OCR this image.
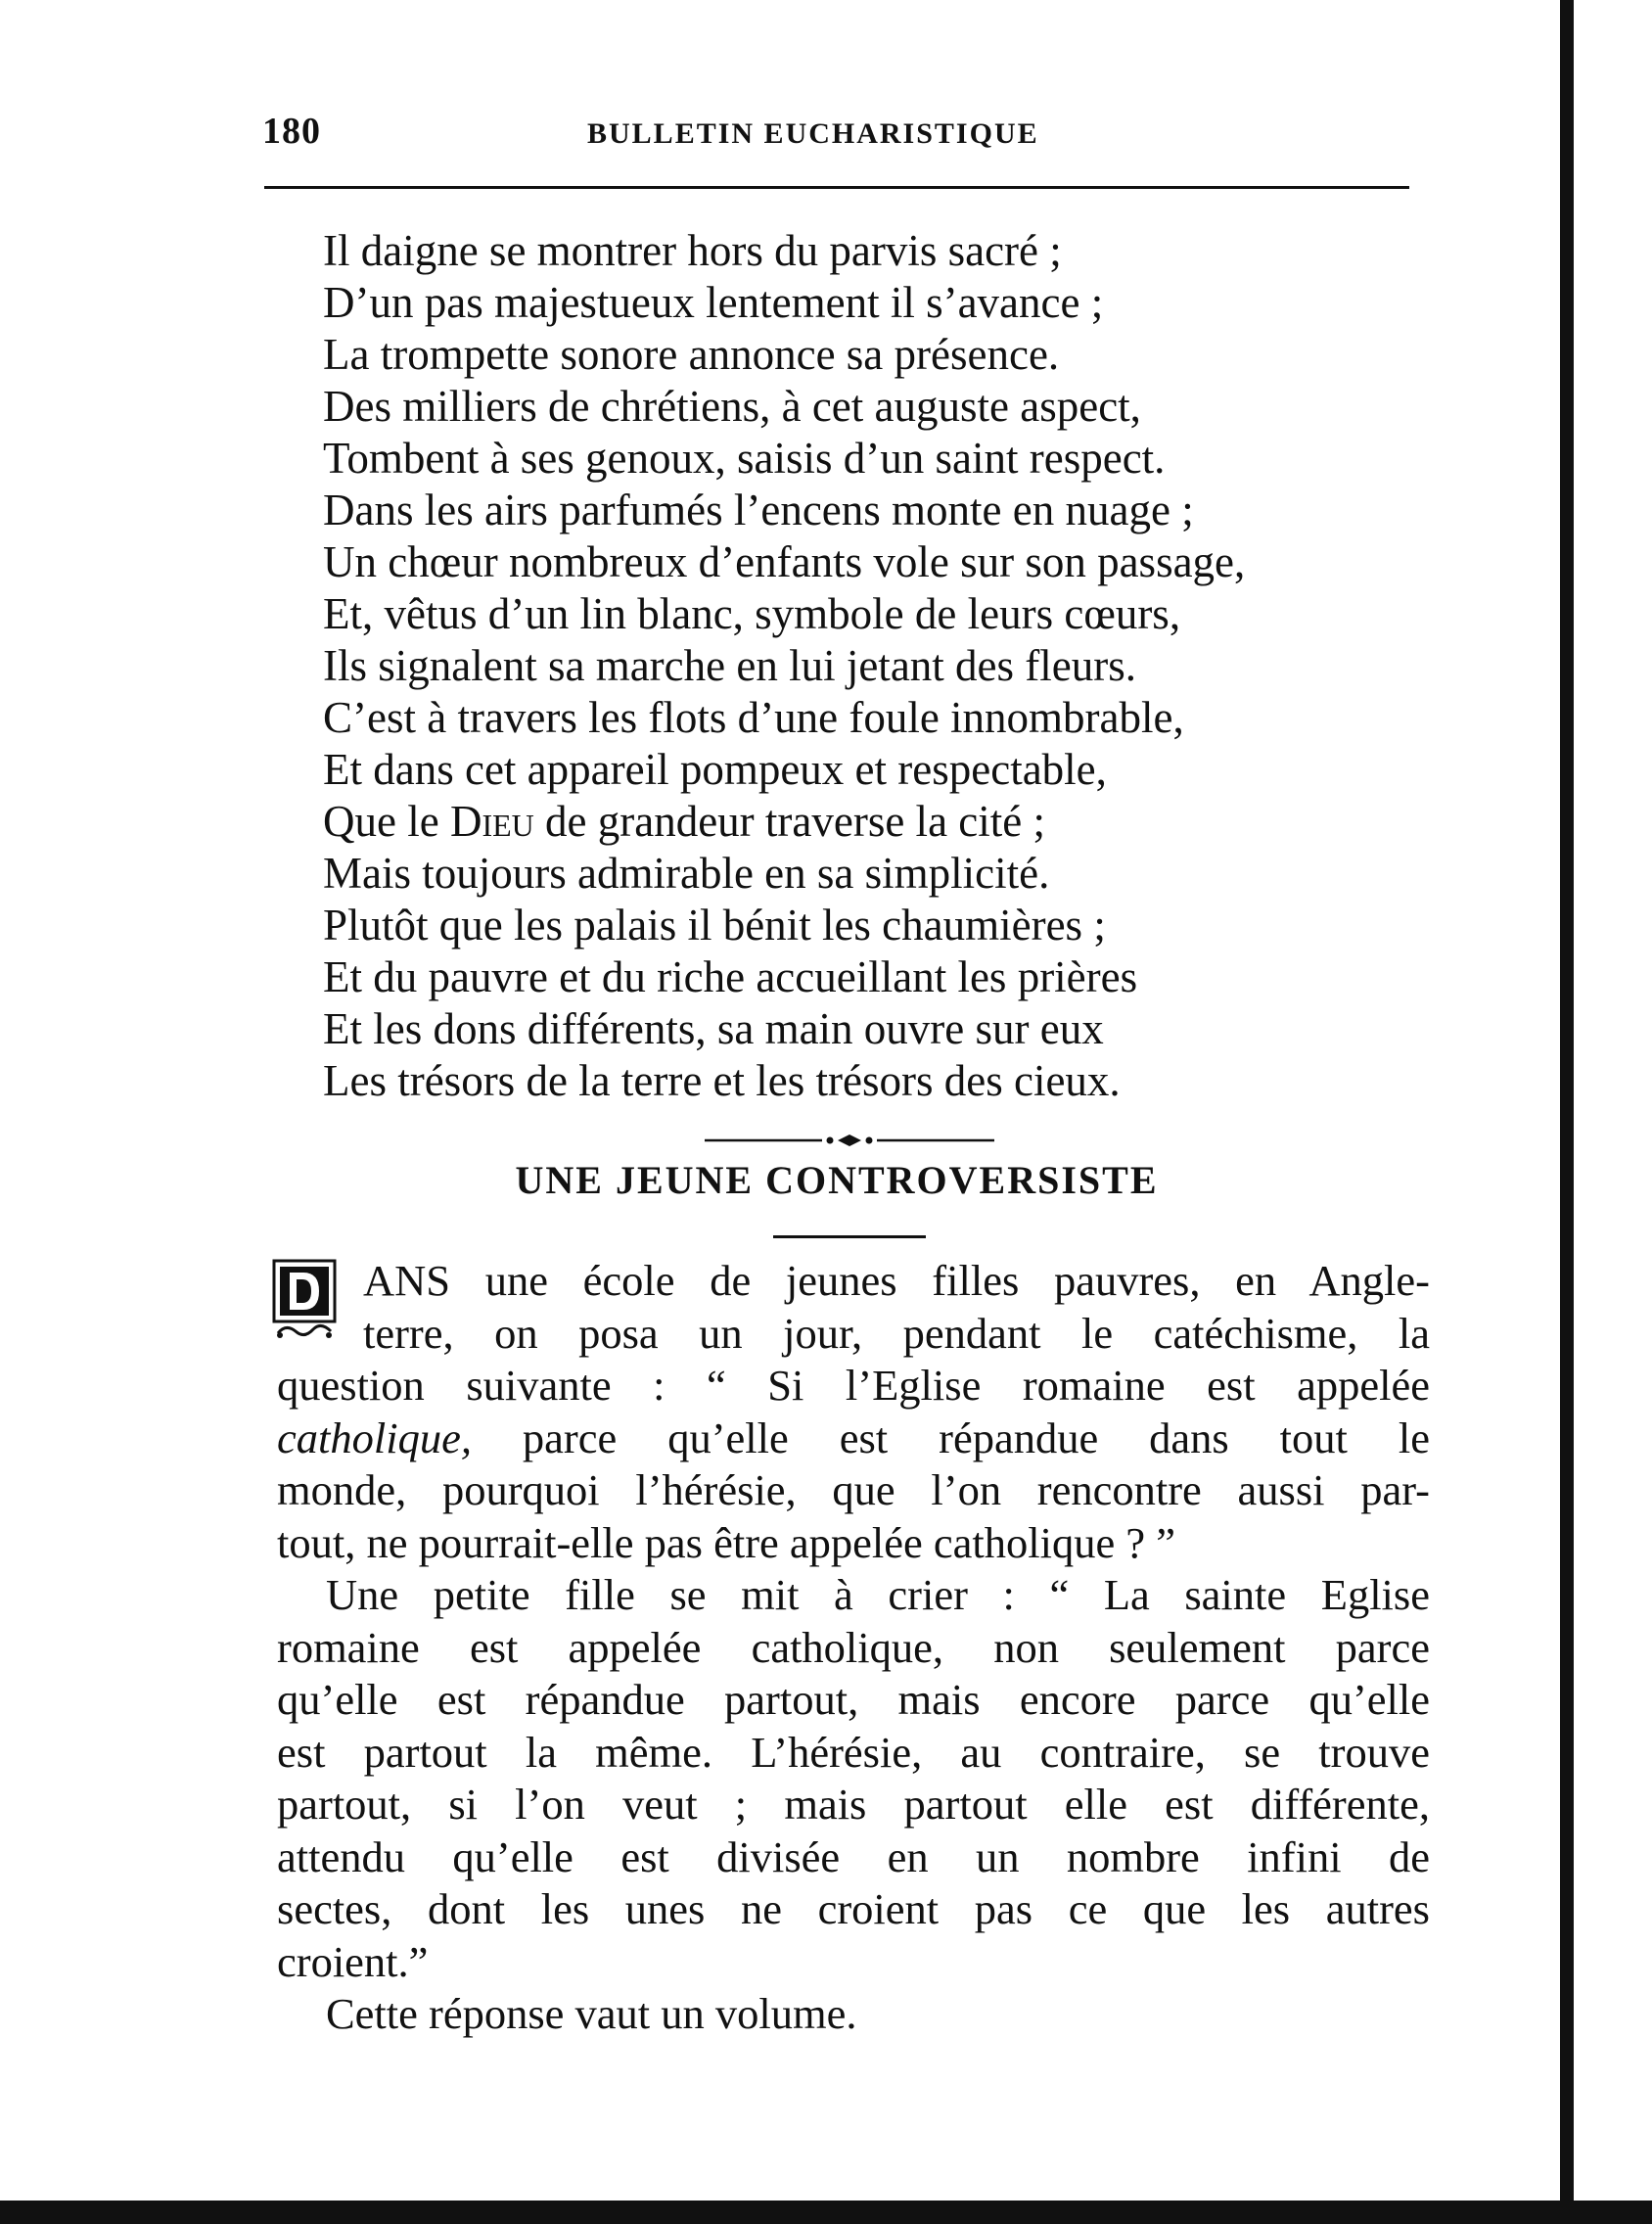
180	BULLETIN EUCHARISTIQUE
Il daigne se montrer hors du parvis sacré ;
D’un pas majestueux lentement il s’avance ;
La trompette sonore annonce sa présence.
Des milliers de chrétiens, à cet auguste aspect,
Tombent à ses genoux, saisis d’un saint respect.
Dans les airs parfumés l’encens monte en nuage ;
Un chœur nombreux d’enfants vole sur son passage,
Et, vêtus d’un lin blanc, symbole de leurs cœurs,
Ils signalent sa marche en lui jetant des fleurs.
C’est à travers les flots d’une foule innombrable,
Et dans cet appareil pompeux et respectable,
Que le Dieu de grandeur traverse la cité ;
Mais toujours admirable en sa simplicité.
Plutôt que les palais il bénit les chaumières ;
Et du pauvre et du riche accueillant les prières
Et les dons différents, sa main ouvre sur eux
Les trésors de la terre et les trésors des cieux.
UNE JEUNE CONTROVERSISTE
ANS une école de jeunes filles pauvres, en Angle-
terre, on posa un jour, pendant le catéchisme, la
question suivante : “ Si l’Eglise romaine est appelée
catholique, parce qu’elle est répandue dans tout le
monde, pourquoi l’hérésie, que l’on rencontre aussi par-
tout, ne pourrait-elle pas être appelée catholique ? ”
Une petite fille se mit à crier : “ La sainte Eglise
romaine est appelée catholique, non seulement parce
qu’elle est répandue partout, mais encore parce qu’elle
est partout la même. L’hérésie, au contraire, se trouve
partout, si l’on veut ; mais partout elle est différente,
attendu qu’elle est divisée en un nombre infini de
sectes, dont les unes ne croient pas ce que les autres
croient.”
Cette réponse vaut un volume.
